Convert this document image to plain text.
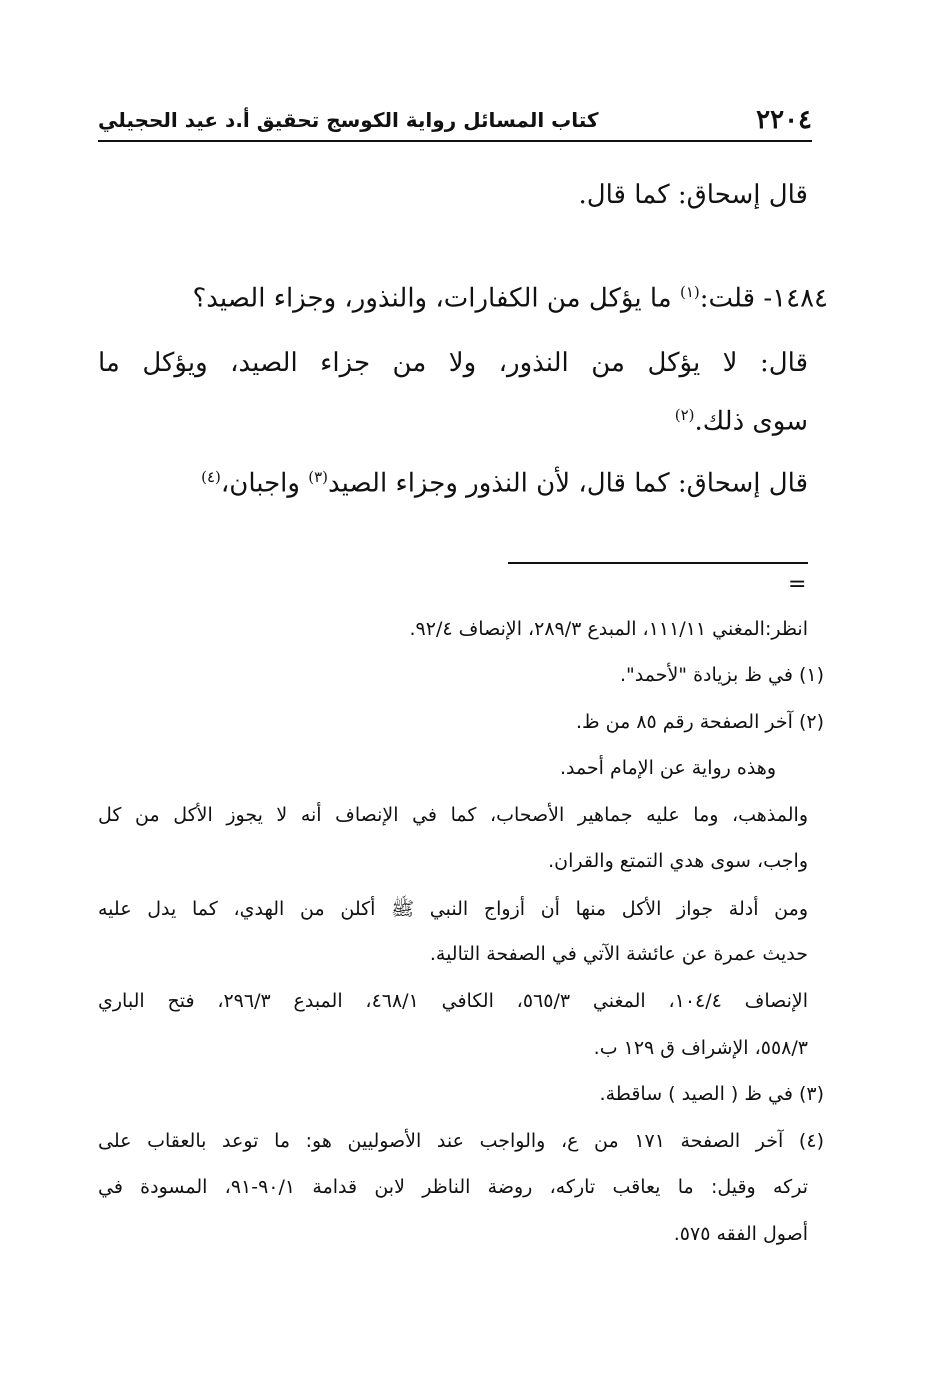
٢٢٠٤
كتاب المسائل رواية الكوسج تحقيق أ.د عيد الحجيلي
قال إسحاق: كما قال.
١٤٨٤- قلت:$^{(١)}$ ما يؤكل من الكفارات، والنذور، وجزاء الصيد؟
قال: لا يؤكل من النذور، ولا من جزاء الصيد، ويؤكل ما
سوى ذلك.$^{(٢)}$
قال إسحاق: كما قال، لأن النذور وجزاء الصيد$^{(٣)}$ واجبان،$^{(٤)}$
=
انظر:المغني ١١١/١١، المبدع ٢٨٩/٣، الإنصاف ٩٢/٤.
(١) في ظ بزيادة "لأحمد".
(٢) آخر الصفحة رقم ٨٥ من ظ.
وهذه رواية عن الإمام أحمد.
والمذهب، وما عليه جماهير الأصحاب، كما في الإنصاف أنه لا يجوز الأكل من كل
واجب، سوى هدي التمتع والقران.
ومن أدلة جواز الأكل منها أن أزواج النبي ﷺ أكلن من الهدي، كما يدل عليه
حديث عمرة عن عائشة الآتي في الصفحة التالية.
الإنصاف ١٠٤/٤، المغني ٥٦٥/٣، الكافي ٤٦٨/١، المبدع ٢٩٦/٣، فتح الباري
٥٥٨/٣، الإشراف ق ١٢٩ ب.
(٣) في ظ ( الصيد ) ساقطة.
(٤) آخر الصفحة ١٧١ من ع، والواجب عند الأصوليين هو: ما توعد بالعقاب على
تركه وقيل: ما يعاقب تاركه، روضة الناظر لابن قدامة ٩٠/١-٩١، المسودة في
أصول الفقه ٥٧٥.
